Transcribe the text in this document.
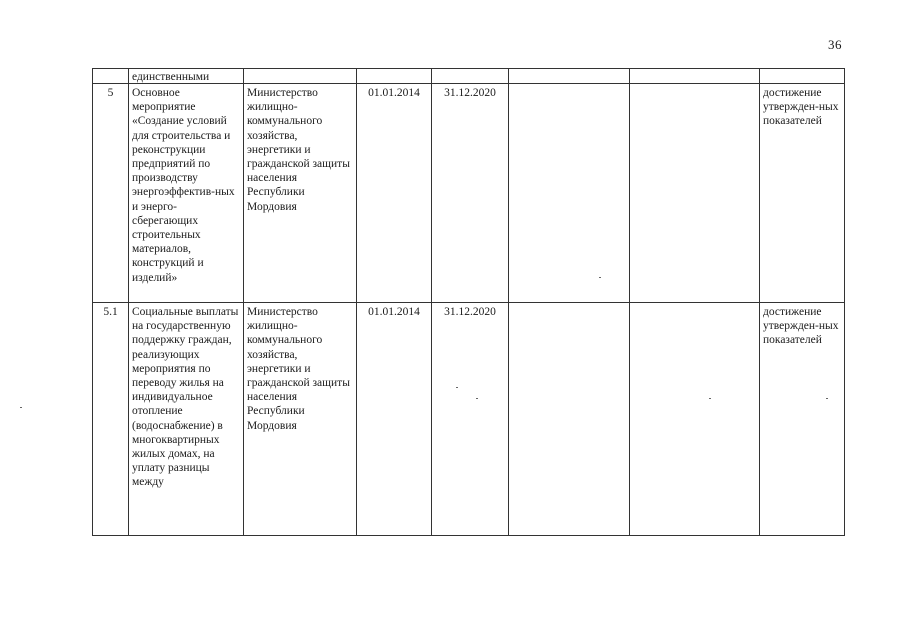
36
	единственными						
5	Основное мероприятие «Создание условий для строительства и реконструкции предприятий по производству энергоэффектив-ных и энерго-сберегающих строительных материалов, конструкций и изделий»	Министерство жилищно-коммунального хозяйства, энергетики и гражданской защиты населения Республики Мордовия	01.01.2014	31.12.2020			достижение утвержден-ных показателей
5.1	Социальные выплаты на государственную поддержку граждан, реализующих мероприятия по переводу жилья на индивидуальное отопление (водоснабжение) в многоквартирных жилых домах, на уплату разницы между	Министерство жилищно-коммунального хозяйства, энергетики и гражданской защиты населения Республики Мордовия	01.01.2014	31.12.2020			достижение утвержден-ных показателей
